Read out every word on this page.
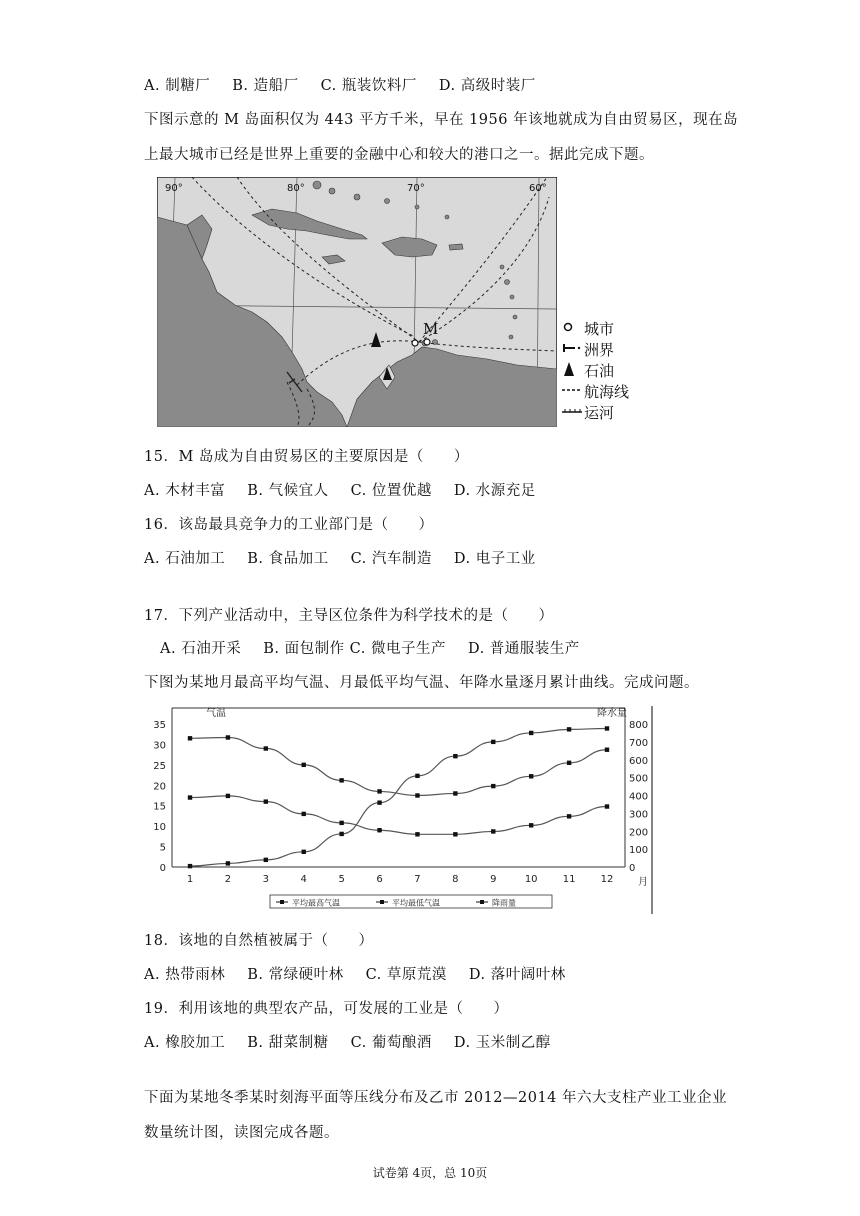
A. 制糖厂 B. 造船厂 C. 瓶装饮料厂 D. 高级时装厂
下图示意的 M 岛面积仅为 443 平方千米，早在 1956 年该地就成为自由贸易区，现在岛
上最大城市已经是世界上重要的金融中心和较大的港口之一。据此完成下题。
M
90°	80°	70°	60°
城市
洲界
石油
航海线
运河
15．M 岛成为自由贸易区的主要原因是（　　）
A. 木材丰富 B. 气候宜人 C. 位置优越 D. 水源充足
16．该岛最具竞争力的工业部门是（　　）
A. 石油加工 B. 食品加工 C. 汽车制造 D. 电子工业
17．下列产业活动中，主导区位条件为科学技术的是（　　）
A. 石油开采 B. 面包制作 C. 微电子生产 D. 普通服装生产
下图为某地月最高平均气温、月最低平均气温、年降水量逐月累计曲线。完成问题。
0
5
10
15
20
25
30
35
0
100
200
300
400
500
600
700
800
1	2	3	4	5	6	7	8	9	10	11	12 月
气温	降水量
平均最高气温	平均最低气温	降雨量
18．该地的自然植被属于（　　）
A. 热带雨林 B. 常绿硬叶林 C. 草原荒漠 D. 落叶阔叶林
19．利用该地的典型农产品，可发展的工业是（　　）
A. 橡胶加工 B. 甜菜制糖 C. 葡萄酿酒 D. 玉米制乙醇
下面为某地冬季某时刻海平面等压线分布及乙市 2012—2014 年六大支柱产业工业企业
数量统计图，读图完成各题。
试卷第 4页，总 10页
